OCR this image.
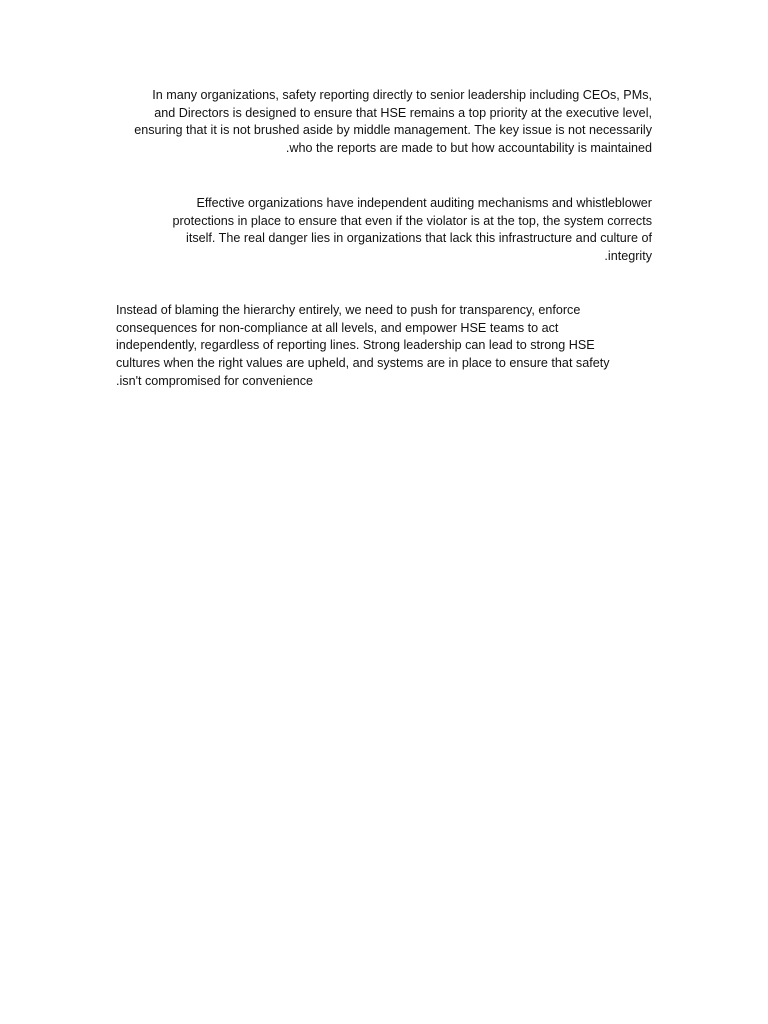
In many organizations, safety reporting directly to senior leadership including CEOs, PMs,
and Directors is designed to ensure that HSE remains a top priority at the executive level,
ensuring that it is not brushed aside by middle management. The key issue is not necessarily
.who the reports are made to but how accountability is maintained

Effective organizations have independent auditing mechanisms and whistleblower
protections in place to ensure that even if the violator is at the top, the system corrects
itself. The real danger lies in organizations that lack this infrastructure and culture of
.integrity

Instead of blaming the hierarchy entirely, we need to push for transparency, enforce
consequences for non-compliance at all levels, and empower HSE teams to act
independently, regardless of reporting lines. Strong leadership can lead to strong HSE
cultures when the right values are upheld, and systems are in place to ensure that safety
.isn't compromised for convenience
